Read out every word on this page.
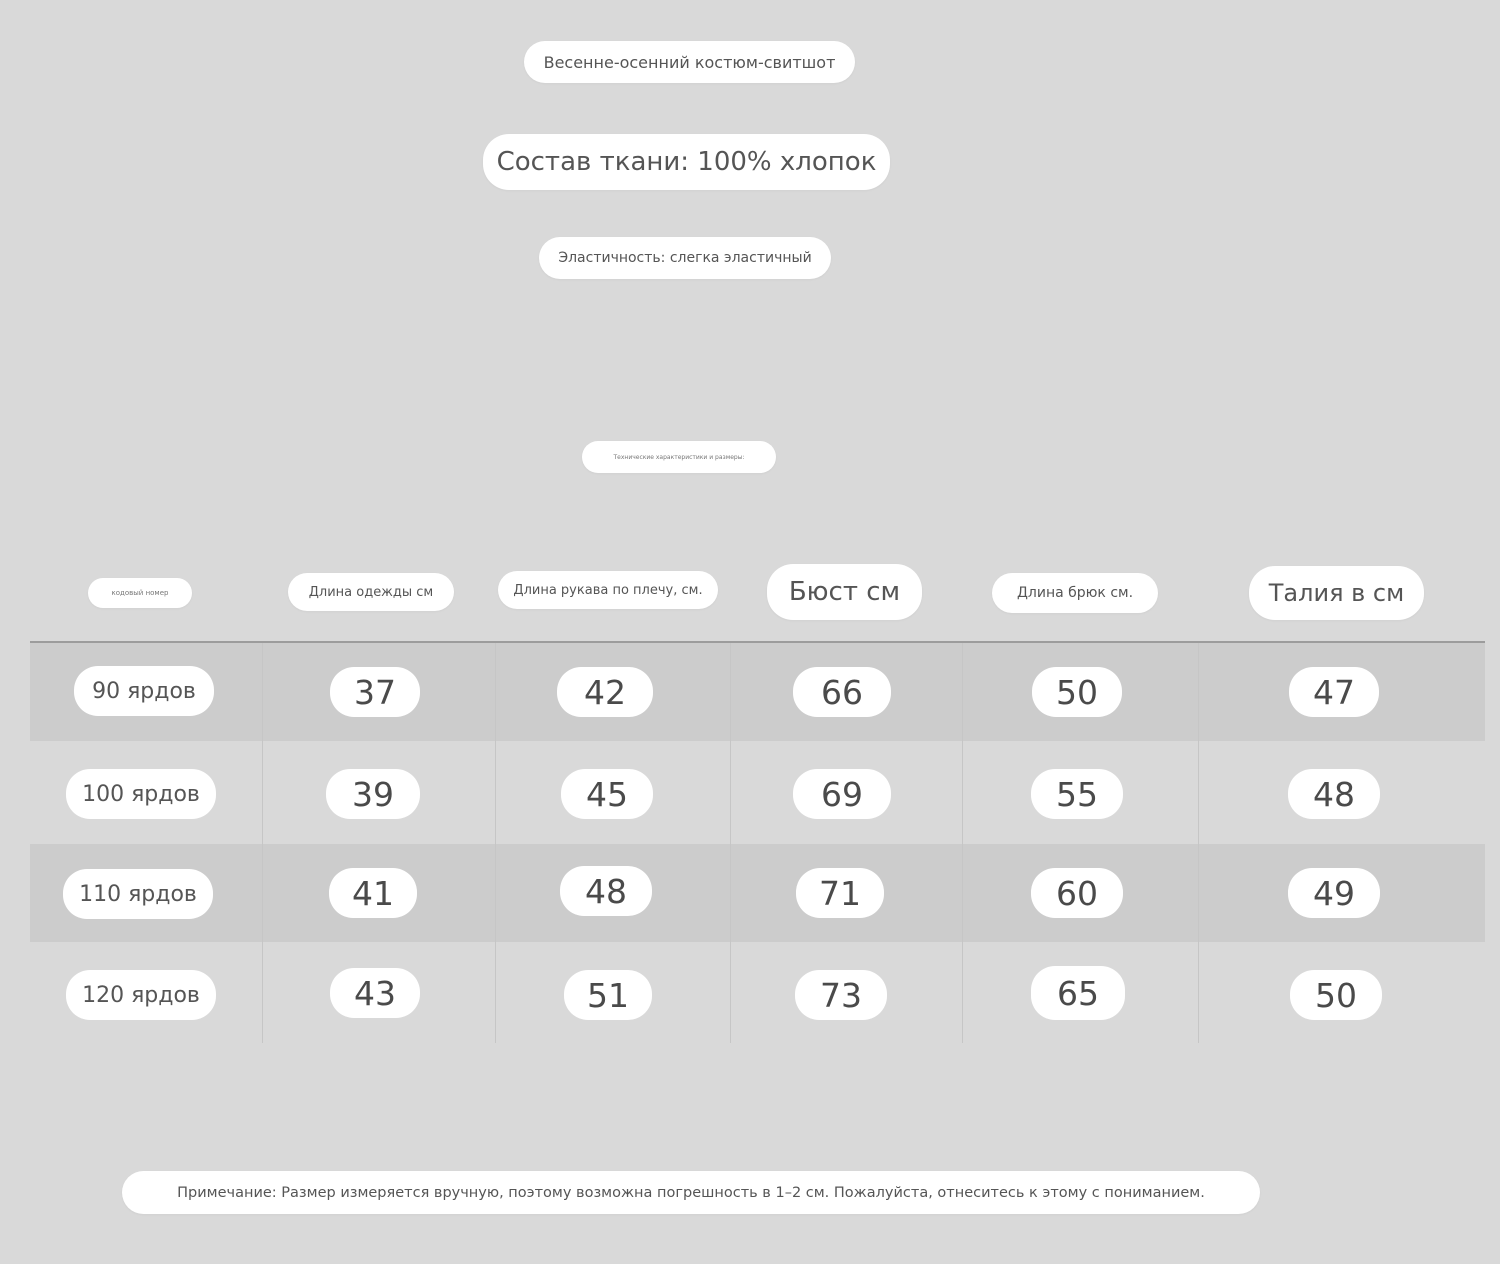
Весенне-осенний костюм-свитшот
Состав ткани: 100% хлопок
Эластичность: слегка эластичный
Технические характеристики и размеры:
кодовый номер	Длина одежды см	Длина рукава по плечу, см.	Бюст см	Длина брюк см.	Талия в см
90 ярдов	37	42	66	50	47
100 ярдов	39	45	69	55	48
110 ярдов	41	48	71	60	49
120 ярдов	43	51	73	65	50
Примечание: Размер измеряется вручную, поэтому возможна погрешность в 1–2 см. Пожалуйста, отнеситесь к этому с пониманием.
